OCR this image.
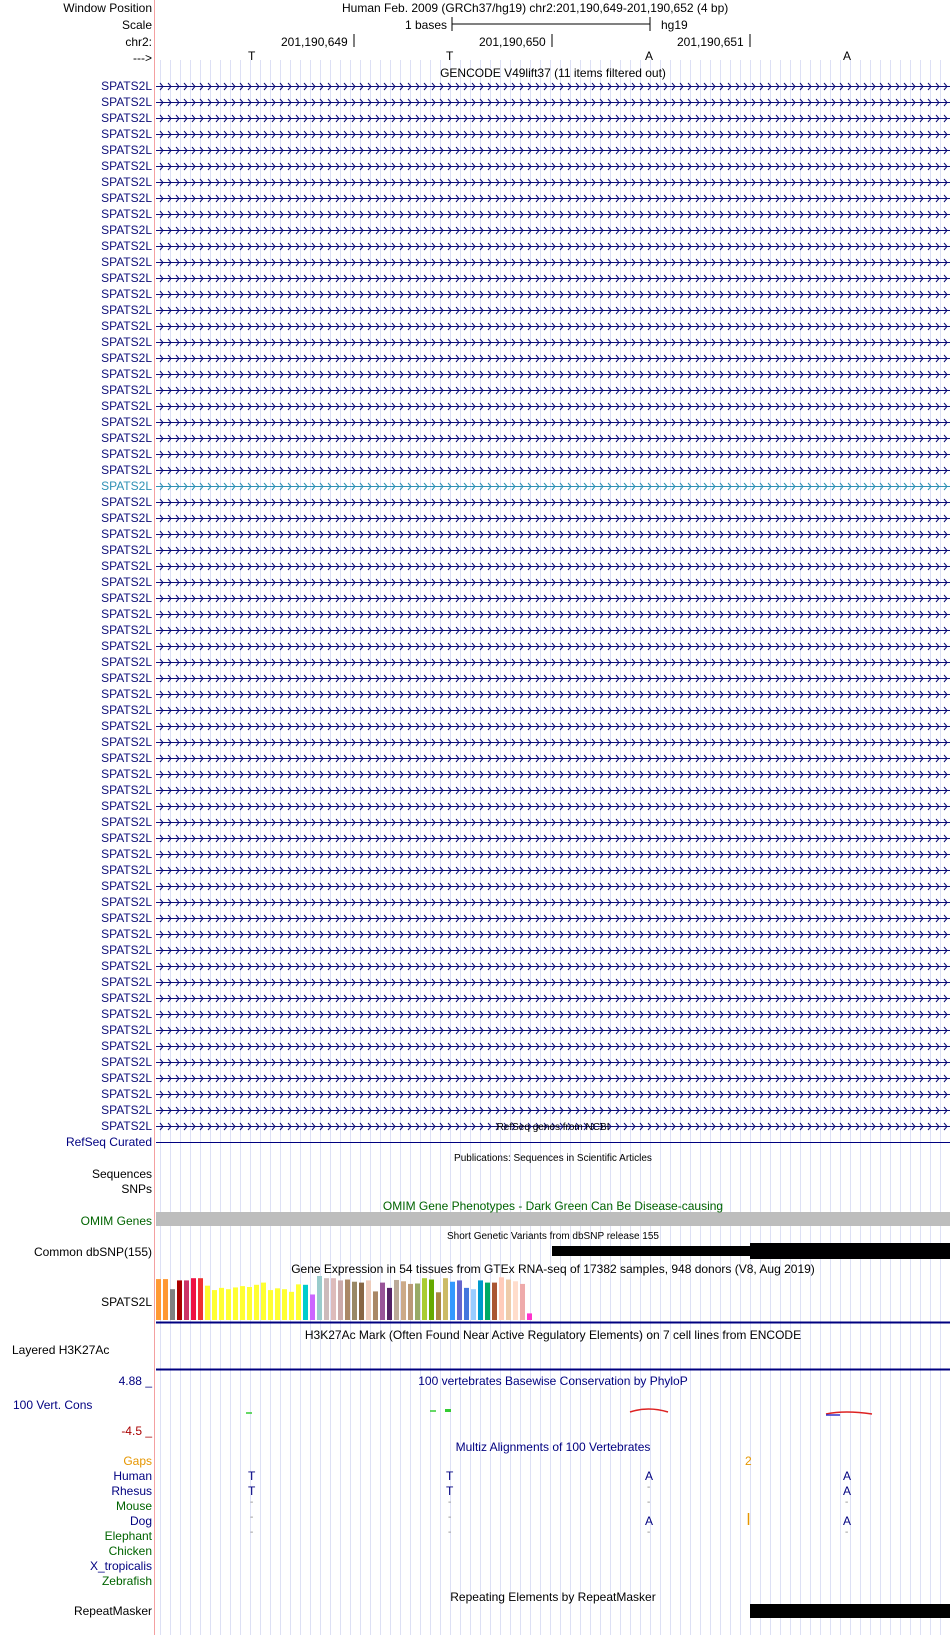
Window Position	Human Feb. 2009 (GRCh37/hg19) chr2:201,190,649-201,190,652 (4 bp)
Scale	1 bases	hg19
chr2:	201,190,649	201,190,650	201,190,651
--->	T	T	A	A
GENCODE V49lift37 (11 items filtered out)
SPATS2L
SPATS2L
SPATS2L
SPATS2L
SPATS2L
SPATS2L
SPATS2L
SPATS2L
SPATS2L
SPATS2L
SPATS2L
SPATS2L
SPATS2L
SPATS2L
SPATS2L
SPATS2L
SPATS2L
SPATS2L
SPATS2L
SPATS2L
SPATS2L
SPATS2L
SPATS2L
SPATS2L
SPATS2L
SPATS2L
SPATS2L
SPATS2L
SPATS2L
SPATS2L
SPATS2L
SPATS2L
SPATS2L
SPATS2L
SPATS2L
SPATS2L
SPATS2L
SPATS2L
SPATS2L
SPATS2L
SPATS2L
SPATS2L
SPATS2L
SPATS2L
SPATS2L
SPATS2L
SPATS2L
SPATS2L
SPATS2L
SPATS2L
SPATS2L
SPATS2L
SPATS2L
SPATS2L
SPATS2L
SPATS2L
SPATS2L
SPATS2L
SPATS2L
SPATS2L
SPATS2L
SPATS2L
SPATS2L
SPATS2L
SPATS2L
SPATS2L	RefSeq genes from NCBI
RefSeq Curated
Publications: Sequences in Scientific Articles
Sequences
SNPs
OMIM Gene Phenotypes - Dark Green Can Be Disease-causing
OMIM Genes
Short Genetic Variants from dbSNP release 155
Common dbSNP(155)
Gene Expression in 54 tissues from GTEx RNA-seq of 17382 samples, 948 donors (V8, Aug 2019)
SPATS2L
H3K27Ac Mark (Often Found Near Active Regulatory Elements) on 7 cell lines from ENCODE
Layered H3K27Ac
4.88 _	100 vertebrates Basewise Conservation by PhyloP
100 Vert. Cons
-4.5 _
Multiz Alignments of 100 Vertebrates
Gaps	2
Human	T	T	A	A
Rhesus	T	T	-	A
Mouse	-	-	-	-
Dog	-	-	A	A
Elephant	-	-	-	-
Chicken
X_tropicalis
Zebrafish
Repeating Elements by RepeatMasker
RepeatMasker
